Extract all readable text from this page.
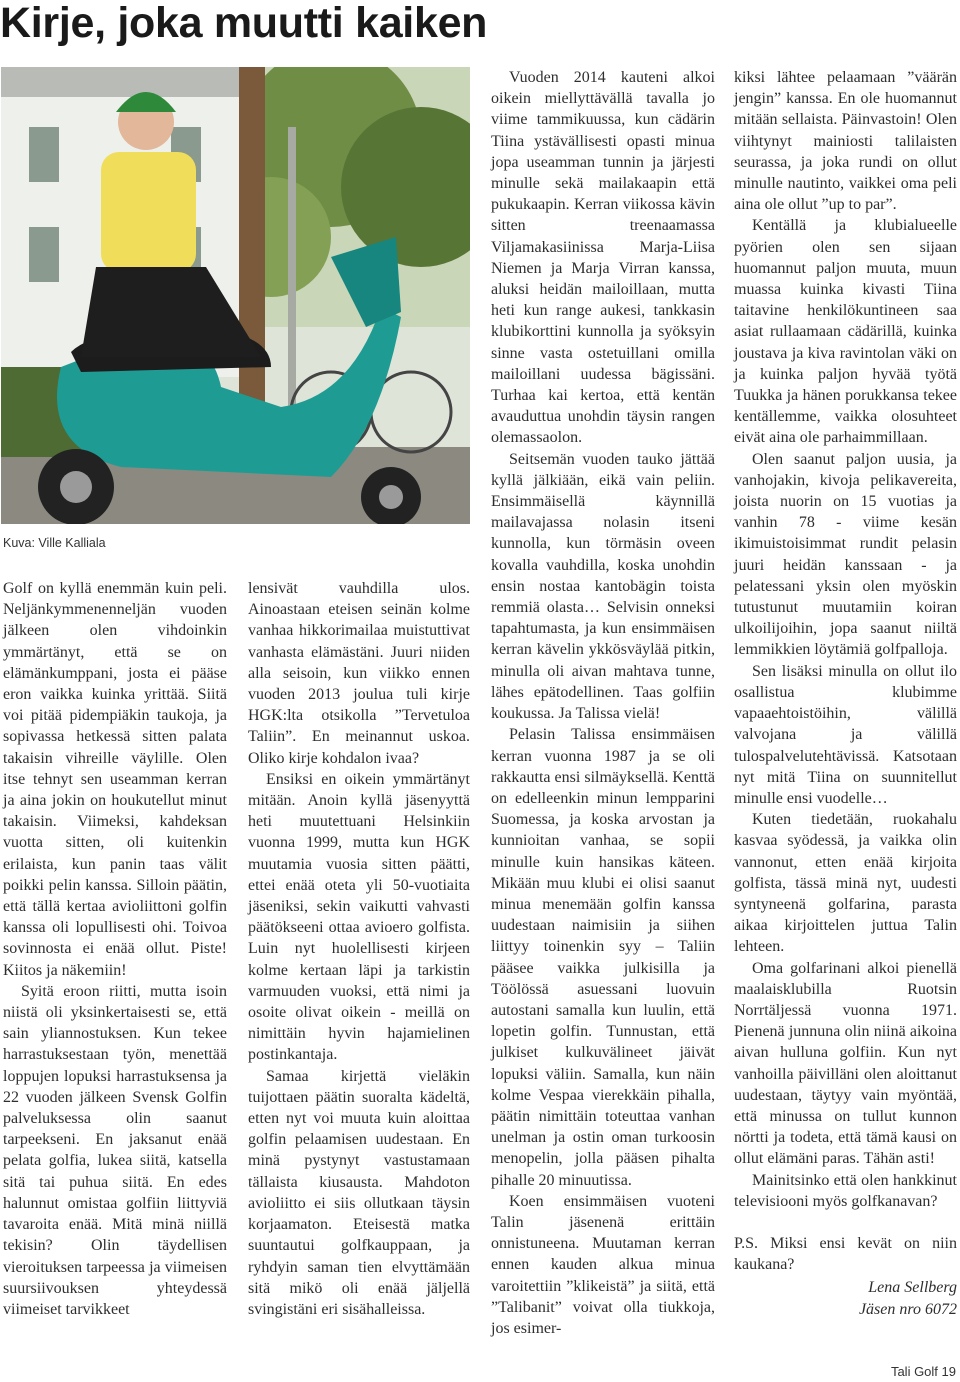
Kirje, joka muutti kaiken
Kuva: Ville Kalliala

Golf on kyllä enemmän kuin peli. Neljänkymmenenneljän vuoden jälkeen olen vihdoinkin ymmärtänyt, että se on elämänkumppani, josta ei pääse eron vaikka kuinka yrittää. Siitä voi pitää pidempiäkin taukoja, ja sopivassa hetkessä sitten palata takaisin vihreille väylille. Olen itse tehnyt sen useamman kerran ja aina jokin on houkutellut minut takaisin. Viimeksi, kahdeksan vuotta sitten, oli kuitenkin erilaista, kun panin taas välit poikki pelin kanssa. Silloin päätin, että tällä kertaa avioliittoni golfin kanssa oli lopullisesti ohi. Toivoa sovinnosta ei enää ollut. Piste! Kiitos ja näkemiin!

Syitä eroon riitti, mutta isoin niistä oli yksinkertaisesti se, että sain yliannostuksen. Kun tekee harrastuksestaan työn, menettää loppujen lopuksi harrastuksensa ja 22 vuoden jälkeen Svensk Golfin palveluksessa olin saanut tarpeekseni. En jaksanut enää pelata golfia, lukea siitä, katsella sitä tai puhua siitä. En edes halunnut omistaa golfiin liittyviä tavaroita enää. Mitä minä niillä tekisin? Olin täydellisen vieroituksen tarpeessa ja viimeisen suursiivouksen yhteydessä viimeiset tarvikkeet

lensivät vauhdilla ulos. Ainoastaan eteisen seinän kolme vanhaa hikkorimailaa muistuttivat vanhasta elämästäni. Juuri niiden alla seisoin, kun viikko ennen vuoden 2013 joulua tuli kirje HGK:lta otsikolla ”Tervetuloa Taliin”. En meinannut uskoa. Oliko kirje kohdalon ivaa?

Ensiksi en oikein ymmärtänyt mitään. Anoin kyllä jäsenyyttä heti muutettuani Helsinkiin vuonna 1999, mutta kun HGK muutamia vuosia sitten päätti, ettei enää oteta yli 50-vuotiaita jäseniksi, sekin vaikutti vahvasti päätökseeni ottaa avioero golfista. Luin nyt huolellisesti kirjeen kolme kertaan läpi ja tarkistin varmuuden vuoksi, että nimi ja osoite olivat oikein - meillä on nimittäin hyvin hajamielinen postinkantaja.

Samaa kirjettä vieläkin tuijottaen päätin suoralta kädeltä, etten nyt voi muuta kuin aloittaa golfin pelaamisen uudestaan. En minä pystynyt vastustamaan tällaista kiusausta. Mahdoton avioliitto ei siis ollutkaan täysin korjaamaton. Eteisestä matka suuntautui golfkauppaan, ja ryhdyin saman tien elvyttämään sitä mikö oli enää jäljellä svingistäni eri sisähalleissa.

Vuoden 2014 kauteni alkoi oikein miellyttävällä tavalla jo viime tammikuussa, kun cädärin Tiina ystävällisesti opasti minua jopa useamman tunnin ja järjesti minulle sekä mailakaapin että pukukaapin. Kerran viikossa kävin sitten treenaamassa Viljamakasiinissa Marja-Liisa Niemen ja Marja Virran kanssa, aluksi heidän mailoillaan, mutta heti kun range aukesi, tankkasin klubikorttini kunnolla ja syöksyin sinne vasta ostetuillani omilla mailoillani uudessa bägissäni. Turhaa kai kertoa, että kentän avauduttua unohdin täysin rangen olemassaolon.

Seitsemän vuoden tauko jättää kyllä jälkiään, eikä vain peliin. Ensimmäisellä käynnillä mailavajassa nolasin itseni kunnolla, kun törmäsin oveen kovalla vauhdilla, koska unohdin ensin nostaa kantobägin toista remmiä olasta… Selvisin onneksi tapahtumasta, ja kun ensimmäisen kerran kävelin ykkösväylää pitkin, minulla oli aivan mahtava tunne, lähes epätodellinen. Taas golfiin koukussa. Ja Talissa vielä!

Pelasin Talissa ensimmäisen kerran vuonna 1987 ja se oli rakkautta ensi silmäyksellä. Kenttä on edelleenkin minun lempparini Suomessa, ja koska arvostan ja kunnioitan vanhaa, se sopii minulle kuin hansikas käteen. Mikään muu klubi ei olisi saanut minua menemään golfin kanssa uudestaan naimisiin ja siihen liittyy toinenkin syy – Taliin pääsee vaikka julkisilla ja Töölössä asuessani luovuin autostani samalla kun luulin, että lopetin golfin. Tunnustan, että julkiset kulkuvälineet jäivät lopuksi väliin. Samalla, kun näin kolme Vespaa vierekkäin pihalla, päätin nimittäin toteuttaa vanhan unelman ja ostin oman turkoosin menopelin, jolla pääsen pihalta pihalle 20 minuutissa.

Koen ensimmäisen vuoteni Talin jäsenenä erittäin onnistuneena. Muutaman kerran ennen kauden alkua minua varoitettiin ”klikeistä” ja siitä, että ”Talibanit” voivat olla tiukkoja, jos esimer-

kiksi lähtee pelaamaan ”väärän jengin” kanssa. En ole huomannut mitään sellaista. Päinvastoin! Olen viihtynyt mainiosti talilaisten seurassa, ja joka rundi on ollut minulle nautinto, vaikkei oma peli aina ole ollut ”up to par”.

Kentällä ja klubialueelle pyörien olen sen sijaan huomannut paljon muuta, muun muassa kuinka kivasti Tiina taitavine henkilökuntineen saa asiat rullaamaan cädärillä, kuinka joustava ja kiva ravintolan väki on ja kuinka paljon hyvää työtä Tuukka ja hänen porukkansa tekee kentällemme, vaikka olosuhteet eivät aina ole parhaimmillaan.

Olen saanut paljon uusia, ja vanhojakin, kivoja pelikavereita, joista nuorin on 15 vuotias ja vanhin 78 - viime kesän ikimuistoisimmat rundit pelasin juuri heidän kanssaan - ja pelatessani yksin olen myöskin tutustunut muutamiin koiran ulkoilijoihin, jopa saanut niiltä lemmikkien löytämiä golfpalloja.

Sen lisäksi minulla on ollut ilo osallistua klubimme vapaaehtoistöihin, välillä valvojana ja välillä tulospalvelutehtävissä. Katsotaan nyt mitä Tiina on suunnitellut minulle ensi vuodelle…

Kuten tiedetään, ruokahalu kasvaa syödessä, ja vaikka olin vannonut, etten enää kirjoita golfista, tässä minä nyt, uudesti syntyneenä golfarina, parasta aikaa kirjoittelen juttua Talin lehteen.

Oma golfarinani alkoi pienellä maalaisklubilla Ruotsin Norrtäljessä vuonna 1971. Pienenä junnuna olin niinä aikoina aivan hulluna golfiin. Kun nyt vanhoilla päivilläni olen aloittanut uudestaan, täytyy vain myöntää, että minussa on tullut kunnon nörtti ja todeta, että tämä kausi on ollut elämäni paras. Tähän asti!

Mainitsinko että olen hankkinut televisiooni myös golfkanavan?

P.S. Miksi ensi kevät on niin kaukana?

Lena Sellberg
Jäsen nro 6072
Tali Golf 19
